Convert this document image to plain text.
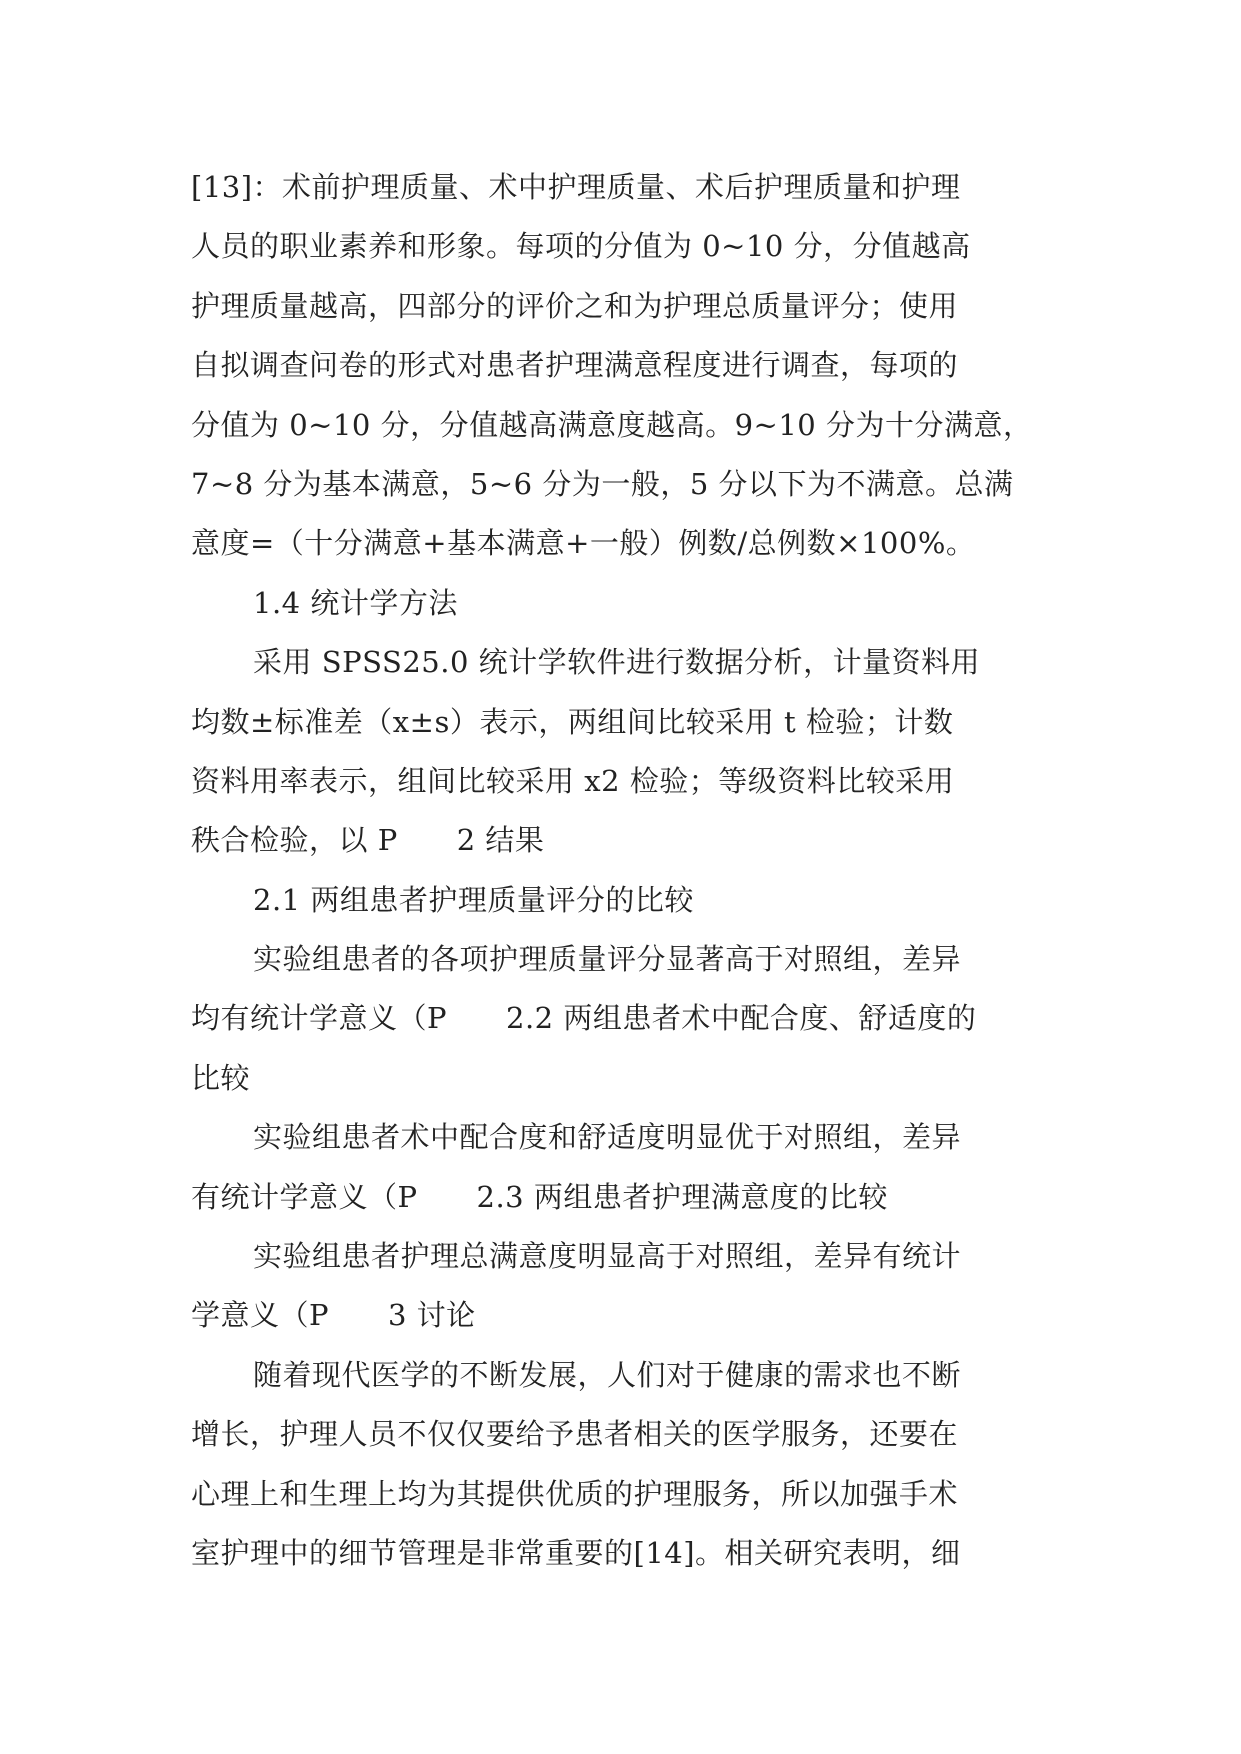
[13]：术前护理质量、术中护理质量、术后护理质量和护理
人员的职业素养和形象。每项的分值为 0~10 分，分值越高
护理质量越高，四部分的评价之和为护理总质量评分；使用
自拟调查问卷的形式对患者护理满意程度进行调查，每项的
分值为 0~10 分，分值越高满意度越高。9~10 分为十分满意，
7~8 分为基本满意，5~6 分为一般，5 分以下为不满意。总满
意度=（十分满意+基本满意+一般）例数/总例数×100%。
1.4 统计学方法
采用 SPSS25.0 统计学软件进行数据分析，计量资料用
均数±标准差（x±s）表示，两组间比较采用 t 检验；计数
资料用率表示，组间比较采用 x2 检验；等级资料比较采用
秩合检验，以 P　　2 结果
2.1 两组患者护理质量评分的比较
实验组患者的各项护理质量评分显著高于对照组，差异
均有统计学意义（P　　2.2 两组患者术中配合度、舒适度的
比较
实验组患者术中配合度和舒适度明显优于对照组，差异
有统计学意义（P　　2.3 两组患者护理满意度的比较
实验组患者护理总满意度明显高于对照组，差异有统计
学意义（P　　3 讨论
随着现代医学的不断发展，人们对于健康的需求也不断
增长，护理人员不仅仅要给予患者相关的医学服务，还要在
心理上和生理上均为其提供优质的护理服务，所以加强手术
室护理中的细节管理是非常重要的[14]。相关研究表明，细
